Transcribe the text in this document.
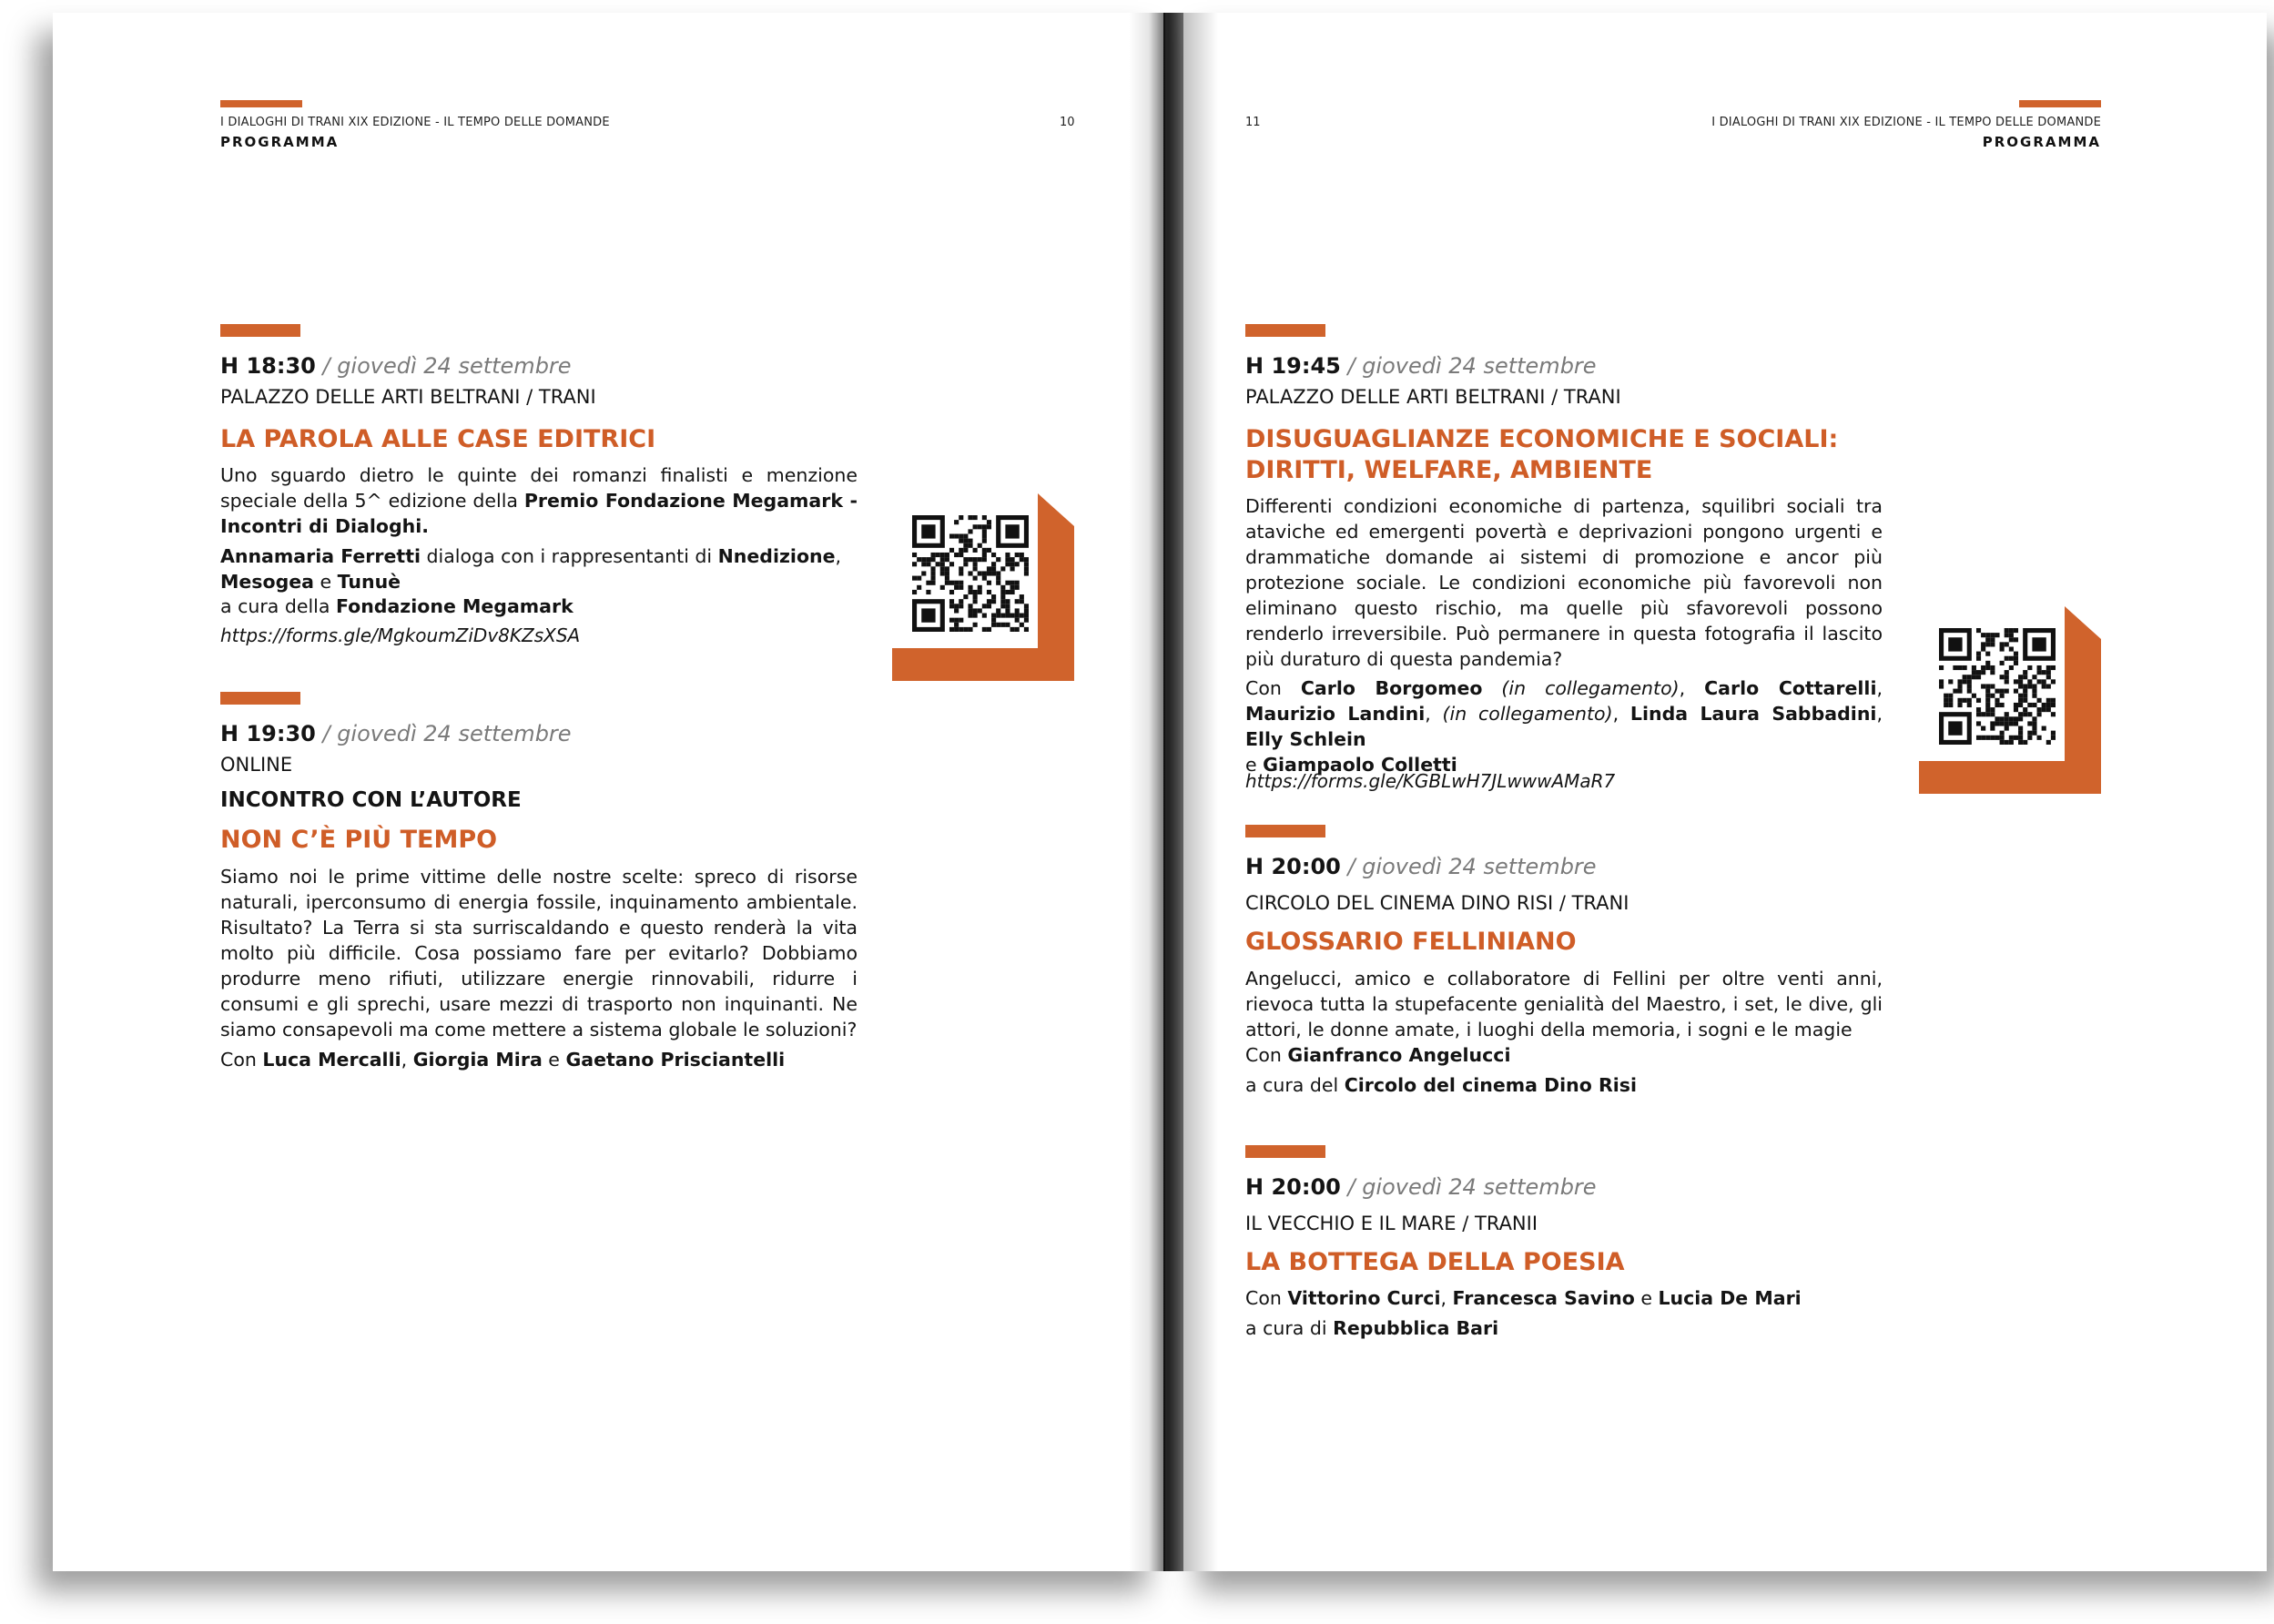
I DIALOGHI DI TRANI XIX EDIZIONE - IL TEMPO DELLE DOMANDE	10
PROGRAMMA
H 18:30 / giovedì 24 settembre
PALAZZO DELLE ARTI BELTRANI / TRANI
LA PAROLA ALLE CASE EDITRICI
Uno sguardo dietro le quinte dei romanzi finalisti e menzione speciale della 5^ edizione della Premio Fondazione Megamark - Incontri di Dialoghi.
Annamaria Ferretti dialoga con i rappresentanti di Nnedizione,
Mesogea e Tunuè
a cura della Fondazione Megamark
https://forms.gle/MgkoumZiDv8KZsXSA
H 19:30 / giovedì 24 settembre
ONLINE
INCONTRO CON L’AUTORE
NON C’È PIÙ TEMPO
Siamo noi le prime vittime delle nostre scelte: spreco di risorse naturali, iperconsumo di energia fossile, inquinamento ambientale. Risultato? La Terra si sta surriscaldando e questo renderà la vita molto più difficile. Cosa possiamo fare per evitarlo? Dobbiamo produrre meno rifiuti, utilizzare energie rinnovabili, ridurre i consumi e gli sprechi, usare mezzi di trasporto non inquinanti. Ne siamo consapevoli ma come mettere a sistema globale le soluzioni?
Con Luca Mercalli, Giorgia Mira e Gaetano Prisciantelli
11	I DIALOGHI DI TRANI XIX EDIZIONE - IL TEMPO DELLE DOMANDE
PROGRAMMA
H 19:45 / giovedì 24 settembre
PALAZZO DELLE ARTI BELTRANI / TRANI
DISUGUAGLIANZE ECONOMICHE E SOCIALI:
DIRITTI, WELFARE, AMBIENTE
Differenti condizioni economiche di partenza, squilibri sociali tra ataviche ed emergenti povertà e deprivazioni pongono urgenti e drammatiche domande ai sistemi di promozione e ancor più protezione sociale. Le condizioni economiche più favorevoli non eliminano questo rischio, ma quelle più sfavorevoli possono renderlo irreversibile. Può permanere in questa fotografia il lascito più duraturo di questa pandemia?
Con Carlo Borgomeo (in collegamento), Carlo Cottarelli, Maurizio Landini, (in collegamento), Linda Laura Sabbadini, Elly Schlein
e Giampaolo Colletti
https://forms.gle/KGBLwH7JLwwwAMaR7
H 20:00 / giovedì 24 settembre
CIRCOLO DEL CINEMA DINO RISI / TRANI
GLOSSARIO FELLINIANO
Angelucci, amico e collaboratore di Fellini per oltre venti anni, rievoca tutta la stupefacente genialità del Maestro, i set, le dive, gli attori, le donne amate, i luoghi della memoria, i sogni e le magie
Con Gianfranco Angelucci
a cura del Circolo del cinema Dino Risi
H 20:00 / giovedì 24 settembre
IL VECCHIO E IL MARE / TRANII
LA BOTTEGA DELLA POESIA
Con Vittorino Curci, Francesca Savino e Lucia De Mari
a cura di Repubblica Bari
